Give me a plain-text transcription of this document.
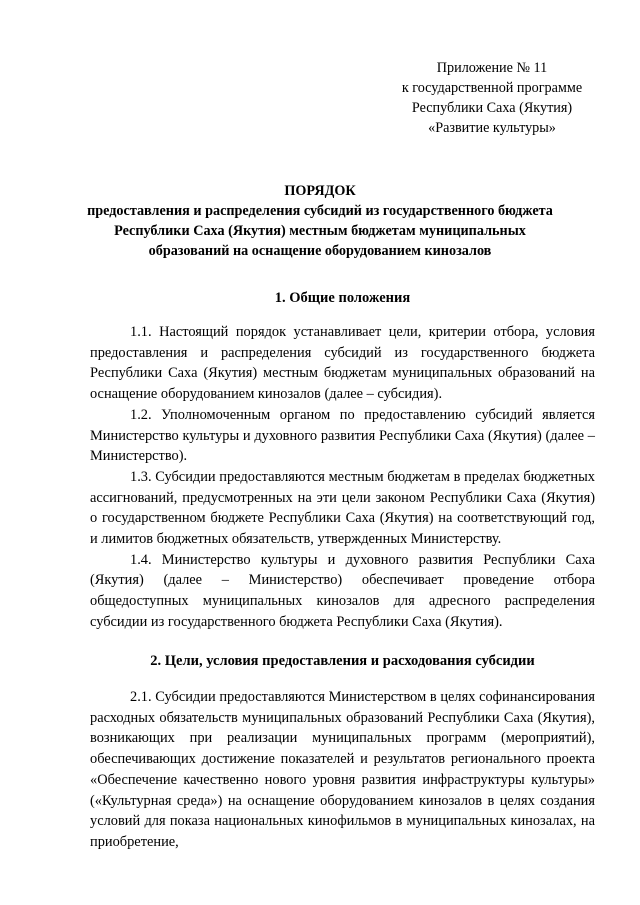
Приложение № 11
к государственной программе
Республики Саха (Якутия)
«Развитие культуры»
ПОРЯДОК
предоставления и распределения субсидий из государственного бюджета
Республики Саха (Якутия) местным бюджетам муниципальных
образований на оснащение оборудованием кинозалов
1. Общие положения

1.1. Настоящий порядок устанавливает цели, критерии отбора, условия предоставления и распределения субсидий из государственного бюджета Республики Саха (Якутия) местным бюджетам муниципальных образований на оснащение оборудованием кинозалов (далее – субсидия).

1.2. Уполномоченным органом по предоставлению субсидий является Министерство культуры и духовного развития Республики Саха (Якутия) (далее – Министерство).

1.3. Субсидии предоставляются местным бюджетам в пределах бюджетных ассигнований, предусмотренных на эти цели законом Республики Саха (Якутия) о государственном бюджете Республики Саха (Якутия) на соответствующий год, и лимитов бюджетных обязательств, утвержденных Министерству.

1.4. Министерство культуры и духовного развития Республики Саха (Якутия) (далее – Министерство) обеспечивает проведение отбора общедоступных муниципальных кинозалов для адресного распределения субсидии из государственного бюджета Республики Саха (Якутия).

2. Цели, условия предоставления и расходования субсидии

2.1. Субсидии предоставляются Министерством в целях софинансирования расходных обязательств муниципальных образований Республики Саха (Якутия), возникающих при реализации муниципальных программ (мероприятий), обеспечивающих достижение показателей и результатов регионального проекта «Обеспечение качественно нового уровня развития инфраструктуры культуры» («Культурная среда») на оснащение оборудованием кинозалов в целях создания условий для показа национальных кинофильмов в муниципальных кинозалах, на приобретение,
